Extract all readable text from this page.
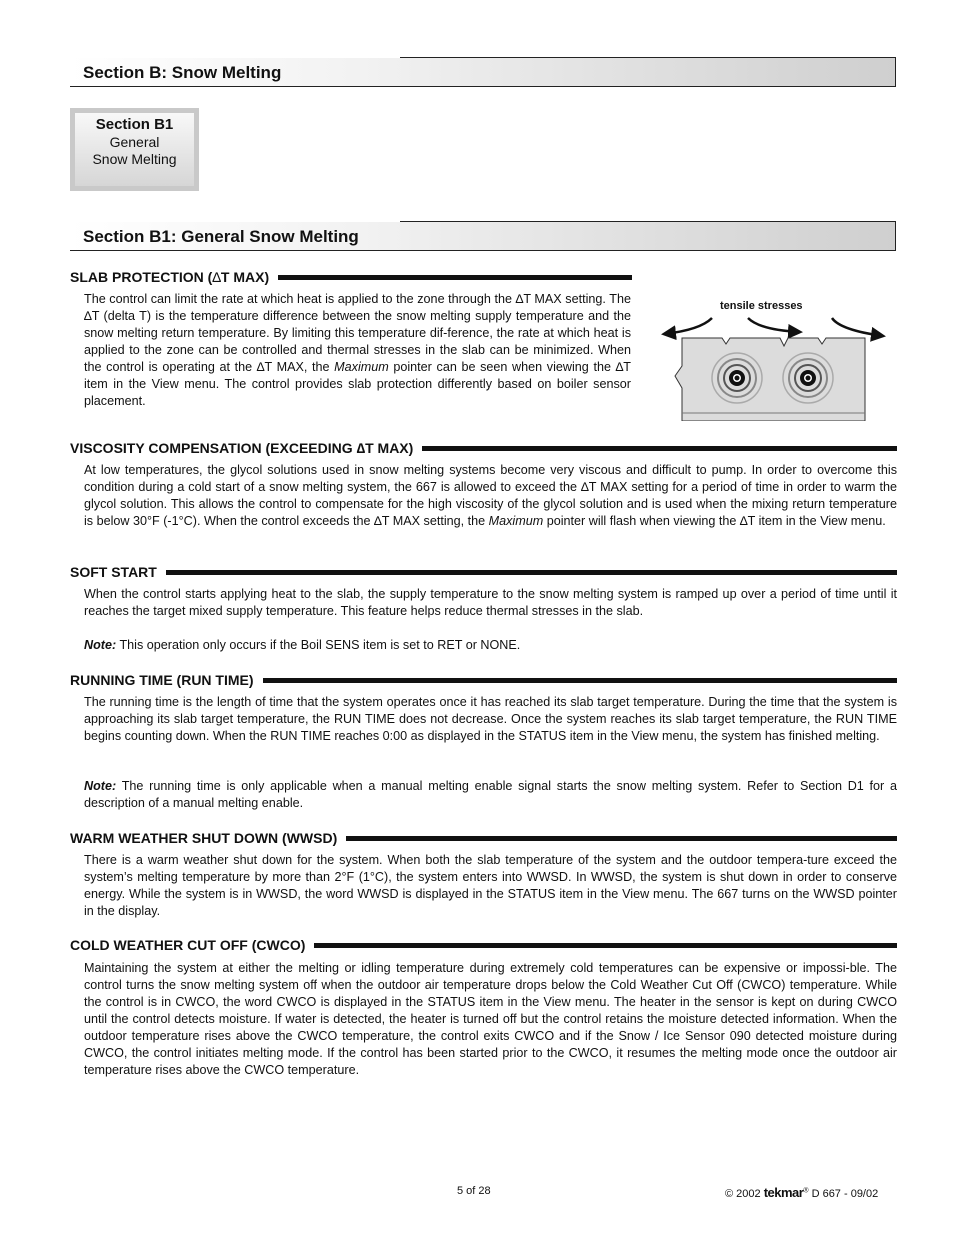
Section B: Snow Melting
Section B1
General
Snow Melting
Section B1: General Snow Melting
SLAB PROTECTION ( ∆ T MAX)

The control can limit the rate at which heat is applied to the zone through the ∆T MAX setting. The ∆T (delta T) is the temperature difference between the snow melting supply temperature and the snow melting return temperature. By limiting this temperature dif-ference, the rate at which heat is applied to the zone can be controlled and thermal stresses in the slab can be minimized. When the control is operating at the ∆T MAX, the Maximum pointer can be seen when viewing the ∆T item in the View menu. The control provides slab protection differently based on boiler sensor placement.

tensile stresses
VISCOSITY COMPENSATION (EXCEEDING ∆T MAX)

At low temperatures, the glycol solutions used in snow melting systems become very viscous and difficult to pump. In order to overcome this condition during a cold start of a snow melting system, the 667 is allowed to exceed the ∆T MAX setting for a period of time in order to warm the glycol solution. This allows the control to compensate for the high viscosity of the glycol solution and is used when the mixing return temperature is below 30°F (-1°C). When the control exceeds the ∆T MAX setting, the Maximum pointer will flash when viewing the ∆T item in the View menu.

SOFT START

When the control starts applying heat to the slab, the supply temperature to the snow melting system is ramped up over a period of time until it reaches the target mixed supply temperature. This feature helps reduce thermal stresses in the slab.

Note: This operation only occurs if the Boil SENS item is set to RET or NONE.

RUNNING TIME (RUN TIME)

The running time is the length of time that the system operates once it has reached its slab target temperature. During the time that the system is approaching its slab target temperature, the RUN TIME does not decrease. Once the system reaches its slab target temperature, the RUN TIME begins counting down. When the RUN TIME reaches 0:00 as displayed in the STATUS item in the View menu, the system has finished melting.

Note: The running time is only applicable when a manual melting enable signal starts the snow melting system. Refer to Section D1 for a description of a manual melting enable.

WARM WEATHER SHUT DOWN (WWSD)

There is a warm weather shut down for the system. When both the slab temperature of the system and the outdoor tempera-ture exceed the system’s melting temperature by more than 2°F (1°C), the system enters into WWSD. In WWSD, the system is shut down in order to conserve energy. While the system is in WWSD, the word WWSD is displayed in the STATUS item in the View menu. The 667 turns on the WWSD pointer in the display.

COLD WEATHER CUT OFF (CWCO)

Maintaining the system at either the melting or idling temperature during extremely cold temperatures can be expensive or impossi-ble. The control turns the snow melting system off when the outdoor air temperature drops below the Cold Weather Cut Off (CWCO) temperature. While the control is in CWCO, the word CWCO is displayed in the STATUS item in the View menu. The heater in the sensor is kept on during CWCO until the control detects moisture. If water is detected, the heater is turned off but the control retains the moisture detected information. When the outdoor temperature rises above the CWCO temperature, the control exits CWCO and if the Snow / Ice Sensor 090 detected moisture during CWCO, the control initiates melting mode. If the control has been started prior to the CWCO, it resumes the melting mode once the outdoor air temperature rises above the CWCO temperature.

5 of 28	© 2002 tekmar® D 667 - 09/02
